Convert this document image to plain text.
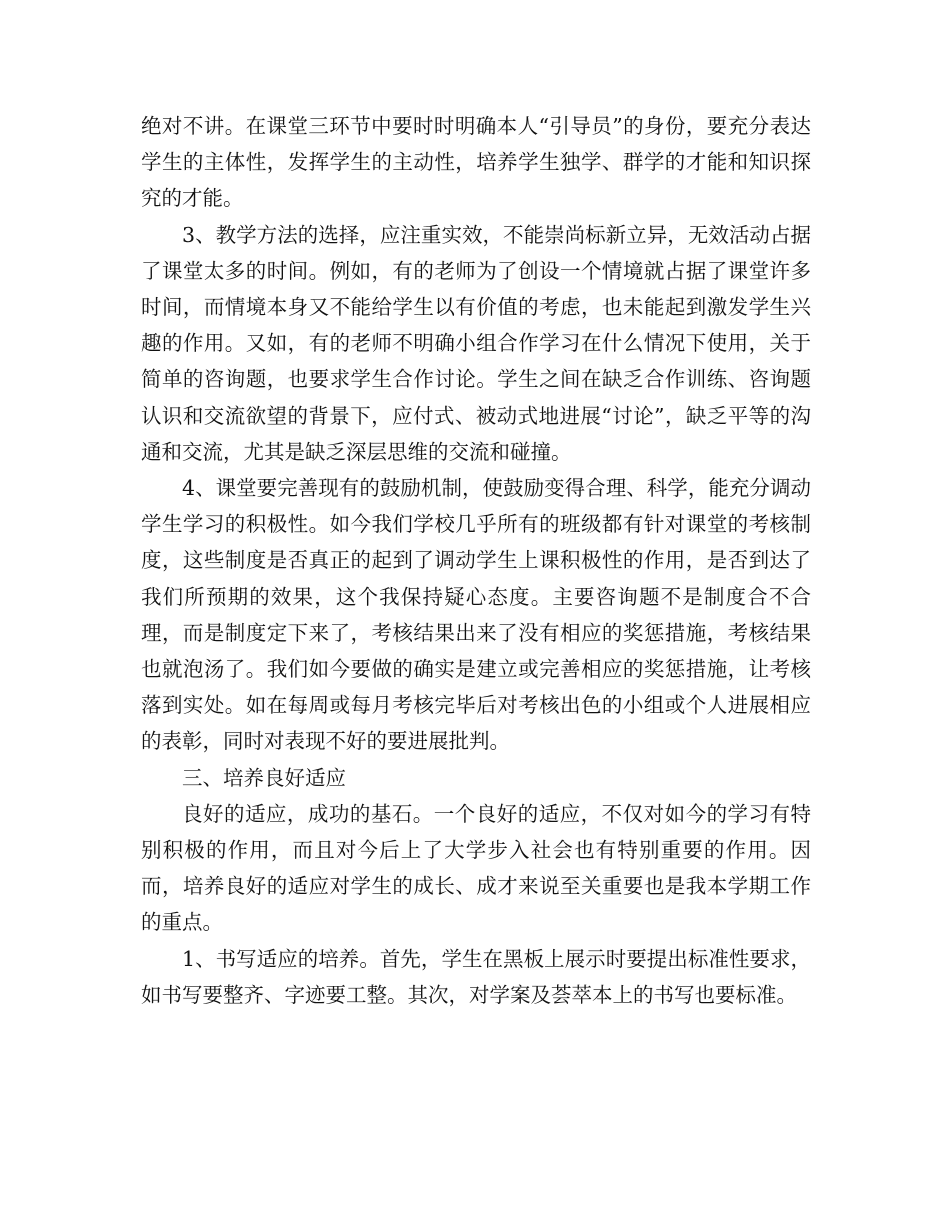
绝对不讲。在课堂三环节中要时时明确本人“引导员”的身份，要充分表达学生的主体性，发挥学生的主动性，培养学生独学、群学的才能和知识探究的才能。

3、教学方法的选择，应注重实效，不能崇尚标新立异，无效活动占据了课堂太多的时间。例如，有的老师为了创设一个情境就占据了课堂许多时间，而情境本身又不能给学生以有价值的考虑，也未能起到激发学生兴趣的作用。又如，有的老师不明确小组合作学习在什么情况下使用，关于简单的咨询题，也要求学生合作讨论。学生之间在缺乏合作训练、咨询题认识和交流欲望的背景下，应付式、被动式地进展“讨论”，缺乏平等的沟通和交流，尤其是缺乏深层思维的交流和碰撞。

4、课堂要完善现有的鼓励机制，使鼓励变得合理、科学，能充分调动学生学习的积极性。如今我们学校几乎所有的班级都有针对课堂的考核制度，这些制度是否真正的起到了调动学生上课积极性的作用，是否到达了我们所预期的效果，这个我保持疑心态度。主要咨询题不是制度合不合理，而是制度定下来了，考核结果出来了没有相应的奖惩措施，考核结果也就泡汤了。我们如今要做的确实是建立或完善相应的奖惩措施，让考核落到实处。如在每周或每月考核完毕后对考核出色的小组或个人进展相应的表彰，同时对表现不好的要进展批判。

三、培养良好适应

良好的适应，成功的基石。一个良好的适应，不仅对如今的学习有特别积极的作用，而且对今后上了大学步入社会也有特别重要的作用。因而，培养良好的适应对学生的成长、成才来说至关重要也是我本学期工作的重点。

1、书写适应的培养。首先，学生在黑板上展示时要提出标准性要求，如书写要整齐、字迹要工整。其次，对学案及荟萃本上的书写也要标准。
